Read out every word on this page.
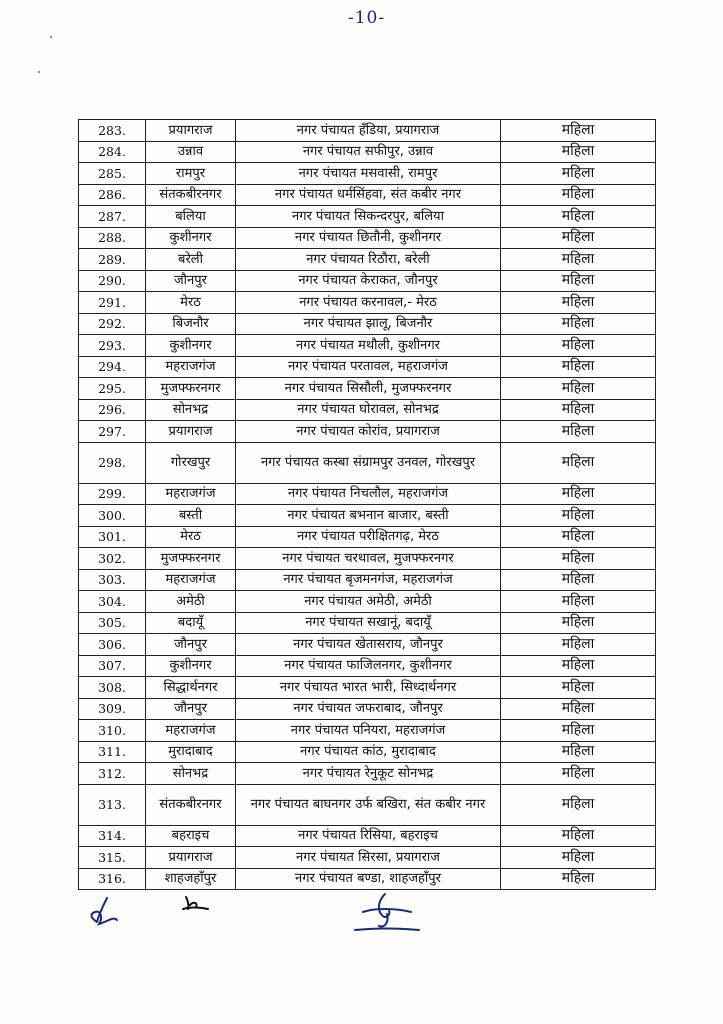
-10-
283.	प्रयागराज	नगर पंचायत हँडिया, प्रयागराज	महिला
284.	उन्नाव	नगर पंचायत सफीपुर, उन्नाव	महिला
285.	रामपुर	नगर पंचायत मसवासी, रामपुर	महिला
286.	संतकबीरनगर	नगर पंचायत धर्मसिंहवा, संत कबीर नगर	महिला
287.	बलिया	नगर पंचायत सिकन्दरपुर, बलिया	महिला
288.	कुशीनगर	नगर पंचायत छितौनी, कुशीनगर	महिला
289.	बरेली	नगर पंचायत रिठौरा, बरेली	महिला
290.	जौनपुर	नगर पंचायत केराकत, जौनपुर	महिला
291.	मेरठ	नगर पंचायत करनावल,- मेरठ	महिला
292.	बिजनौर	नगर पंचायत झालू, बिजनौर	महिला
293.	कुशीनगर	नगर पंचायत मथौली, कुशीनगर	महिला
294.	महराजगंज	नगर पंचायत परतावल, महराजगंज	महिला
295.	मुजफ्फरनगर	नगर पंचायत सिसौली, मुजफ्फरनगर	महिला
296.	सोनभद्र	नगर पंचायत घोरावल, सोनभद्र	महिला
297.	प्रयागराज	नगर पंचायत कोरांव, प्रयागराज	महिला
298.	गोरखपुर	नगर पंचायत कस्बा संग्रामपुर उनवल, गोरखपुर	महिला
299.	महराजगंज	नगर पंचायत निचलौल, महराजगंज	महिला
300.	बस्ती	नगर पंचायत बभनान बाजार, बस्ती	महिला
301.	मेरठ	नगर पंचायत परीक्षितगढ़, मेरठ	महिला
302.	मुजफ्फरनगर	नगर पंचायत चरथावल, मुजफ्फरनगर	महिला
303.	महराजगंज	नगर पंचायत बृजमनगंज, महराजगंज	महिला
304.	अमेठी	नगर पंचायत अमेठी, अमेठी	महिला
305.	बदायूँ	नगर पंचायत सखानूं, बदायूँ	महिला
306.	जौनपुर	नगर पंचायत खेतासराय, जौनपुर	महिला
307.	कुशीनगर	नगर पंचायत फाजिलनगर, कुशीनगर	महिला
308.	सिद्धार्थनगर	नगर पंचायत भारत भारी, सिध्दार्थनगर	महिला
309.	जौनपुर	नगर पंचायत जफराबाद, जौनपुर	महिला
310.	महराजगंज	नगर पंचायत पनियरा, महराजगंज	महिला
311.	मुरादाबाद	नगर पंचायत कांठ, मुरादाबाद	महिला
312.	सोनभद्र	नगर पंचायत रेनुकूट सोनभद्र	महिला
313.	संतकबीरनगर	नगर पंचायत बाघनगर उर्फ बखिरा, संत कबीर नगर	महिला
314.	बहराइच	नगर पंचायत रिसिया, बहराइच	महिला
315.	प्रयागराज	नगर पंचायत सिरसा, प्रयागराज	महिला
316.	शाहजहाँपुर	नगर पंचायत बण्डा, शाहजहाँपुर	महिला
